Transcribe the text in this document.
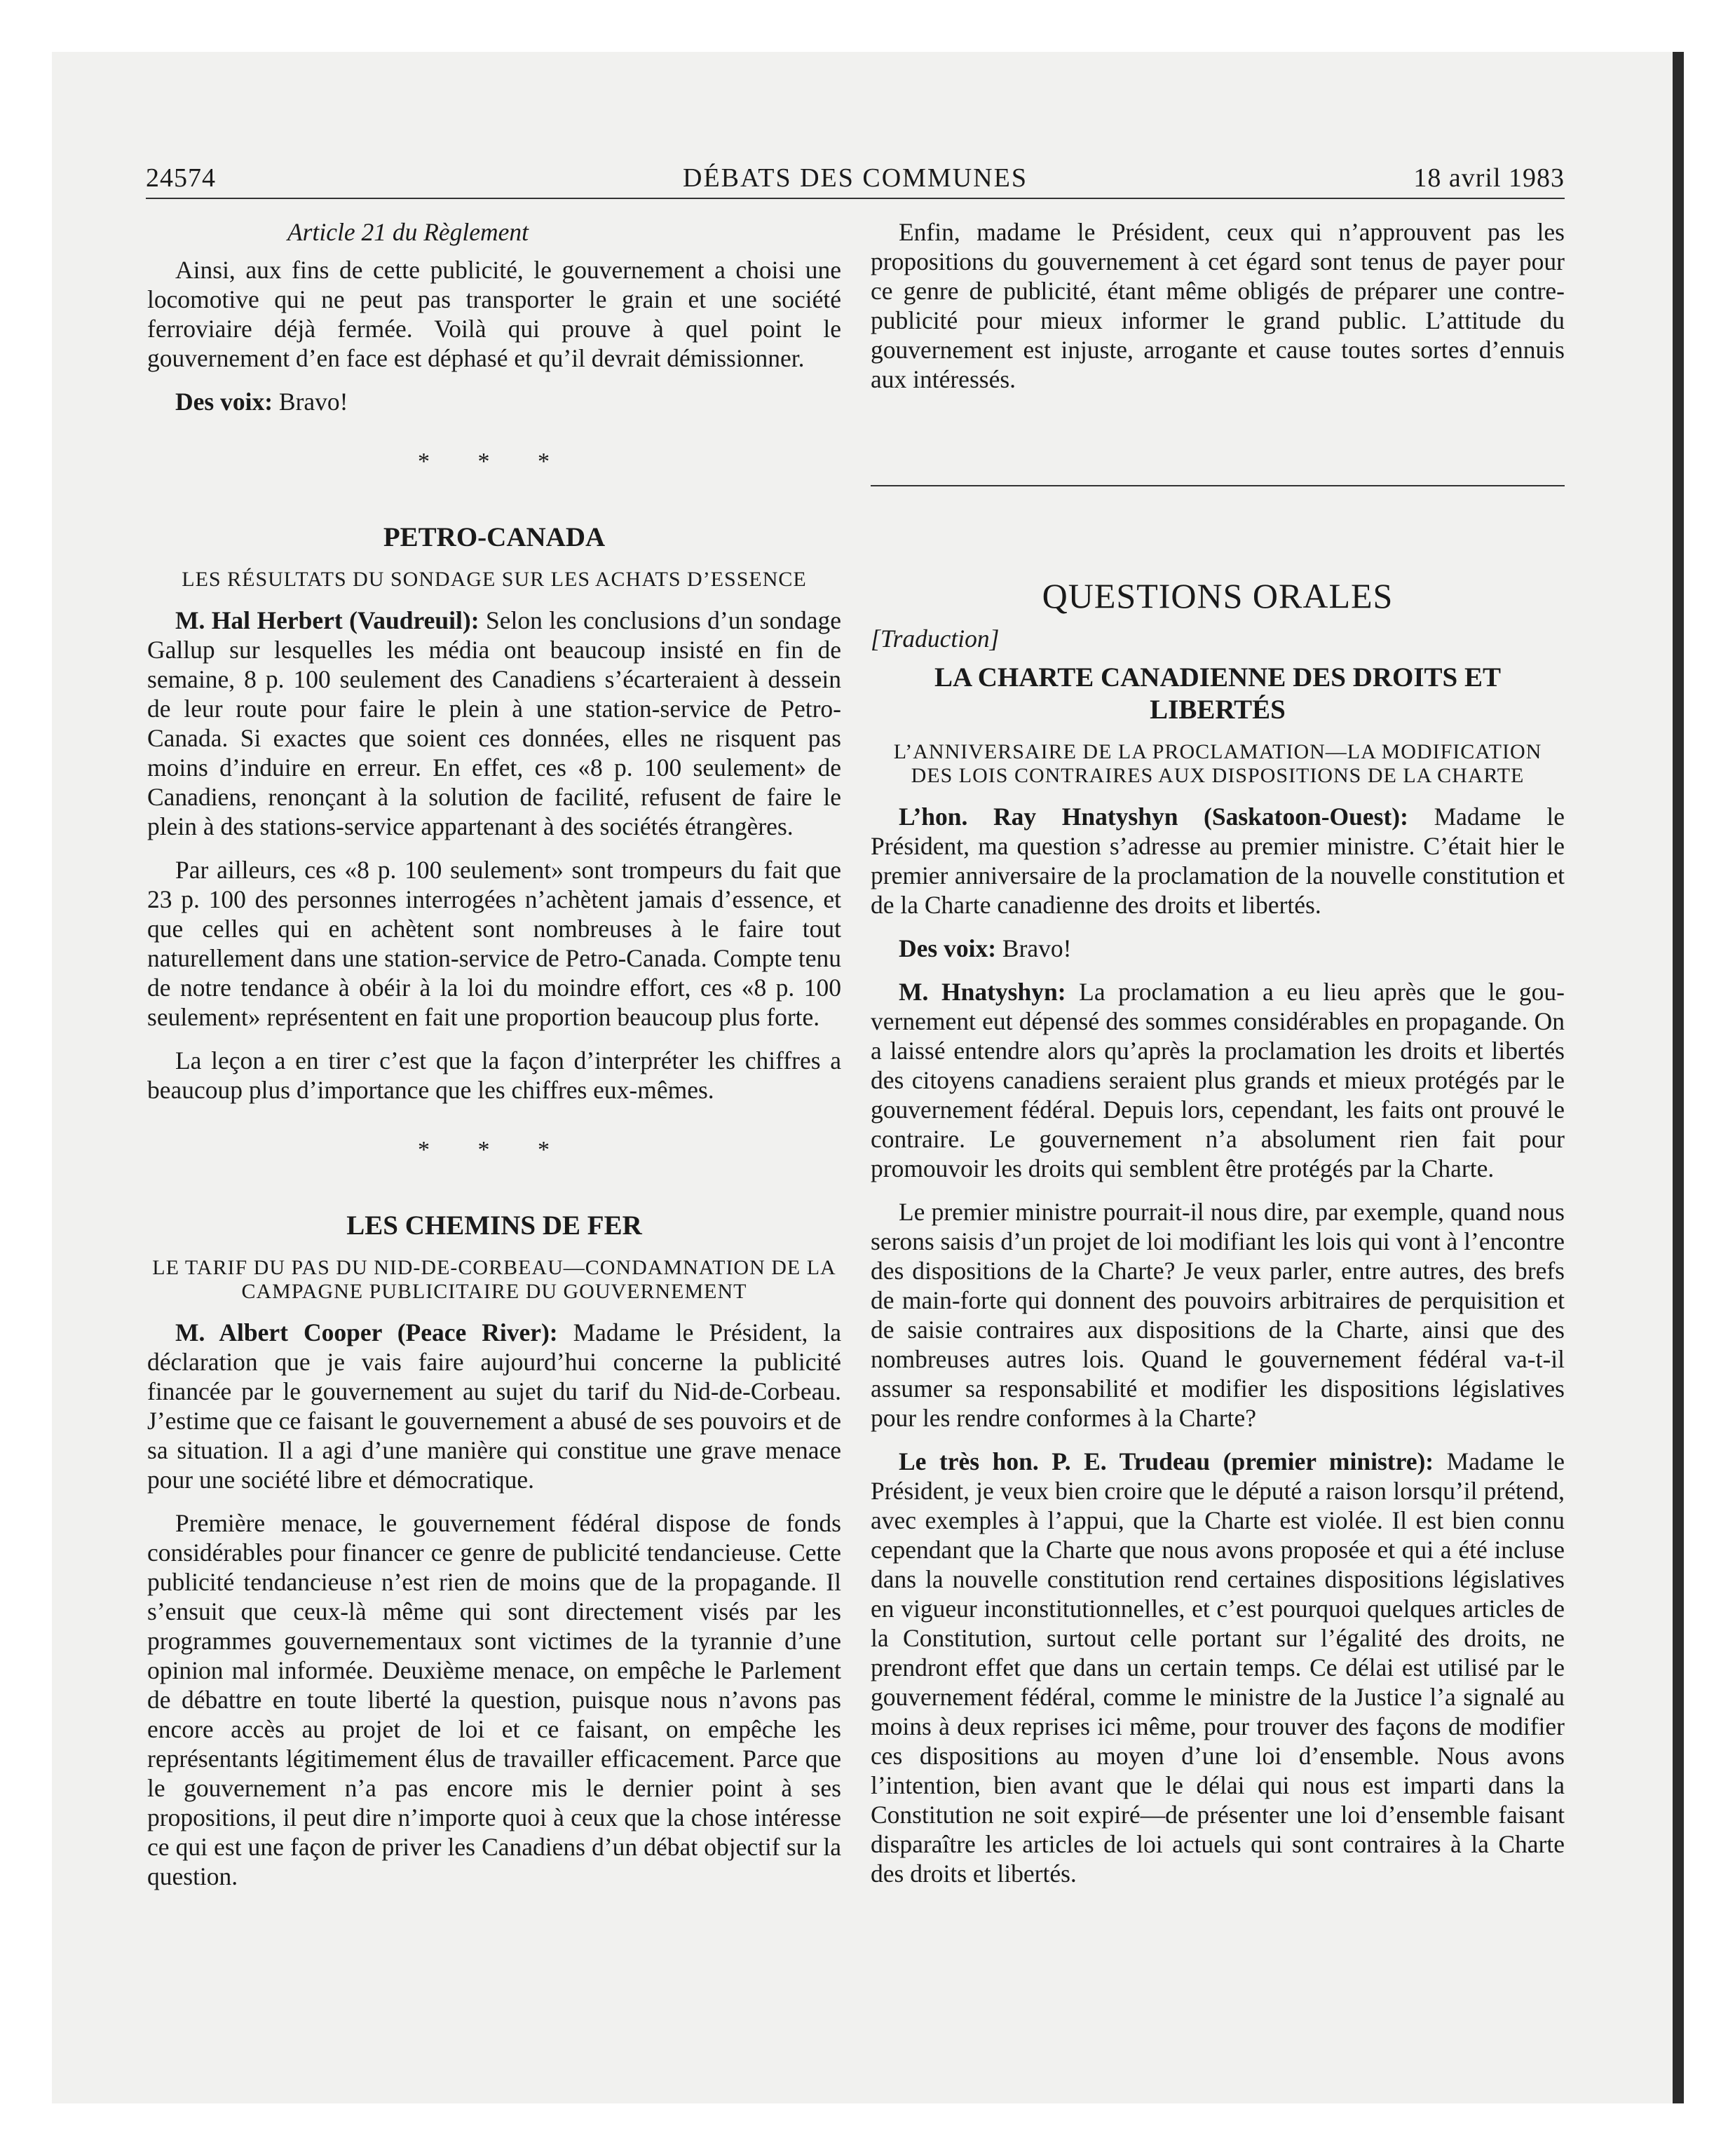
24574	DÉBATS DES COMMUNES	18 avril 1983

Article 21 du Règlement

Ainsi, aux fins de cette publicité, le gouvernement a choisi une locomotive qui ne peut pas transporter le grain et une société ferroviaire déjà fermée. Voilà qui prouve à quel point le gouvernement d’en face est déphasé et qu’il devrait démissionner.

Des voix: Bravo!

* * *

PETRO-CANADA

LES RÉSULTATS DU SONDAGE SUR LES ACHATS D’ESSENCE

M. Hal Herbert (Vaudreuil): Selon les conclusions d’un sondage Gallup sur lesquelles les média ont beaucoup insisté en fin de semaine, 8 p. 100 seulement des Canadiens s’écarteraient à dessein de leur route pour faire le plein à une station-service de Petro-Canada. Si exactes que soient ces données, elles ne risquent pas moins d’induire en erreur. En effet, ces «8 p. 100 seulement» de Canadiens, renonçant à la solution de facilité, refusent de faire le plein à des stations-service appartenant à des sociétés étrangères.

Par ailleurs, ces «8 p. 100 seulement» sont trompeurs du fait que 23 p. 100 des personnes interrogées n’achètent jamais d’essence, et que celles qui en achètent sont nombreuses à le faire tout naturellement dans une station-service de Petro-Canada. Compte tenu de notre tendance à obéir à la loi du moindre effort, ces «8 p. 100 seulement» représentent en fait une proportion beaucoup plus forte.

La leçon a en tirer c’est que la façon d’interpréter les chiffres a beaucoup plus d’importance que les chiffres eux-mêmes.

* * *

LES CHEMINS DE FER

LE TARIF DU PAS DU NID-DE-CORBEAU—CONDAMNATION DE LA CAMPAGNE PUBLICITAIRE DU GOUVERNEMENT

M. Albert Cooper (Peace River): Madame le Président, la déclaration que je vais faire aujourd’hui concerne la publicité financée par le gouvernement au sujet du tarif du Nid-de-Corbeau. J’estime que ce faisant le gouvernement a abusé de ses pouvoirs et de sa situation. Il a agi d’une manière qui constitue une grave menace pour une société libre et démocratique.

Première menace, le gouvernement fédéral dispose de fonds considérables pour financer ce genre de publicité tendancieuse. Cette publicité tendancieuse n’est rien de moins que de la propagande. Il s’ensuit que ceux-là même qui sont directement visés par les programmes gouvernementaux sont victimes de la tyrannie d’une opinion mal informée. Deuxième menace, on empêche le Parlement de débattre en toute liberté la question, puisque nous n’avons pas encore accès au projet de loi et ce faisant, on empêche les représentants légitimement élus de travailler efficacement. Parce que le gouvernement n’a pas encore mis le dernier point à ses propositions, il peut dire n’importe quoi à ceux que la chose intéresse ce qui est une façon de priver les Canadiens d’un débat objectif sur la question.

Enfin, madame le Président, ceux qui n’approuvent pas les propositions du gouvernement à cet égard sont tenus de payer pour ce genre de publicité, étant même obligés de préparer une contre-publicité pour mieux informer le grand public. L’attitude du gouvernement est injuste, arrogante et cause toutes sortes d’ennuis aux intéressés.

QUESTIONS ORALES

[Traduction]

LA CHARTE CANADIENNE DES DROITS ET LIBERTÉS

L’ANNIVERSAIRE DE LA PROCLAMATION—LA MODIFICATION DES LOIS CONTRAIRES AUX DISPOSITIONS DE LA CHARTE

L’hon. Ray Hnatyshyn (Saskatoon-Ouest): Madame le Président, ma question s’adresse au premier ministre. C’était hier le premier anniversaire de la proclamation de la nouvelle constitution et de la Charte canadienne des droits et libertés.

Des voix: Bravo!

M. Hnatyshyn: La proclamation a eu lieu après que le gouvernement eut dépensé des sommes considérables en propagande. On a laissé entendre alors qu’après la proclamation les droits et libertés des citoyens canadiens seraient plus grands et mieux protégés par le gouvernement fédéral. Depuis lors, cependant, les faits ont prouvé le contraire. Le gouvernement n’a absolument rien fait pour promouvoir les droits qui semblent être protégés par la Charte.

Le premier ministre pourrait-il nous dire, par exemple, quand nous serons saisis d’un projet de loi modifiant les lois qui vont à l’encontre des dispositions de la Charte? Je veux parler, entre autres, des brefs de main-forte qui donnent des pouvoirs arbitraires de perquisition et de saisie contraires aux dispositions de la Charte, ainsi que des nombreuses autres lois. Quand le gouvernement fédéral va-t-il assumer sa responsabilité et modifier les dispositions législatives pour les rendre conformes à la Charte?

Le très hon. P. E. Trudeau (premier ministre): Madame le Président, je veux bien croire que le député a raison lorsqu’il prétend, avec exemples à l’appui, que la Charte est violée. Il est bien connu cependant que la Charte que nous avons proposée et qui a été incluse dans la nouvelle constitution rend certaines dispositions législatives en vigueur inconstitutionnelles, et c’est pourquoi quelques articles de la Constitution, surtout celle portant sur l’égalité des droits, ne prendront effet que dans un certain temps. Ce délai est utilisé par le gouvernement fédéral, comme le ministre de la Justice l’a signalé au moins à deux reprises ici même, pour trouver des façons de modifier ces dispositions au moyen d’une loi d’ensemble. Nous avons l’intention, bien avant que le délai qui nous est imparti dans la Constitution ne soit expiré—de présenter une loi d’ensemble faisant disparaître les articles de loi actuels qui sont contraires à la Charte des droits et libertés.
